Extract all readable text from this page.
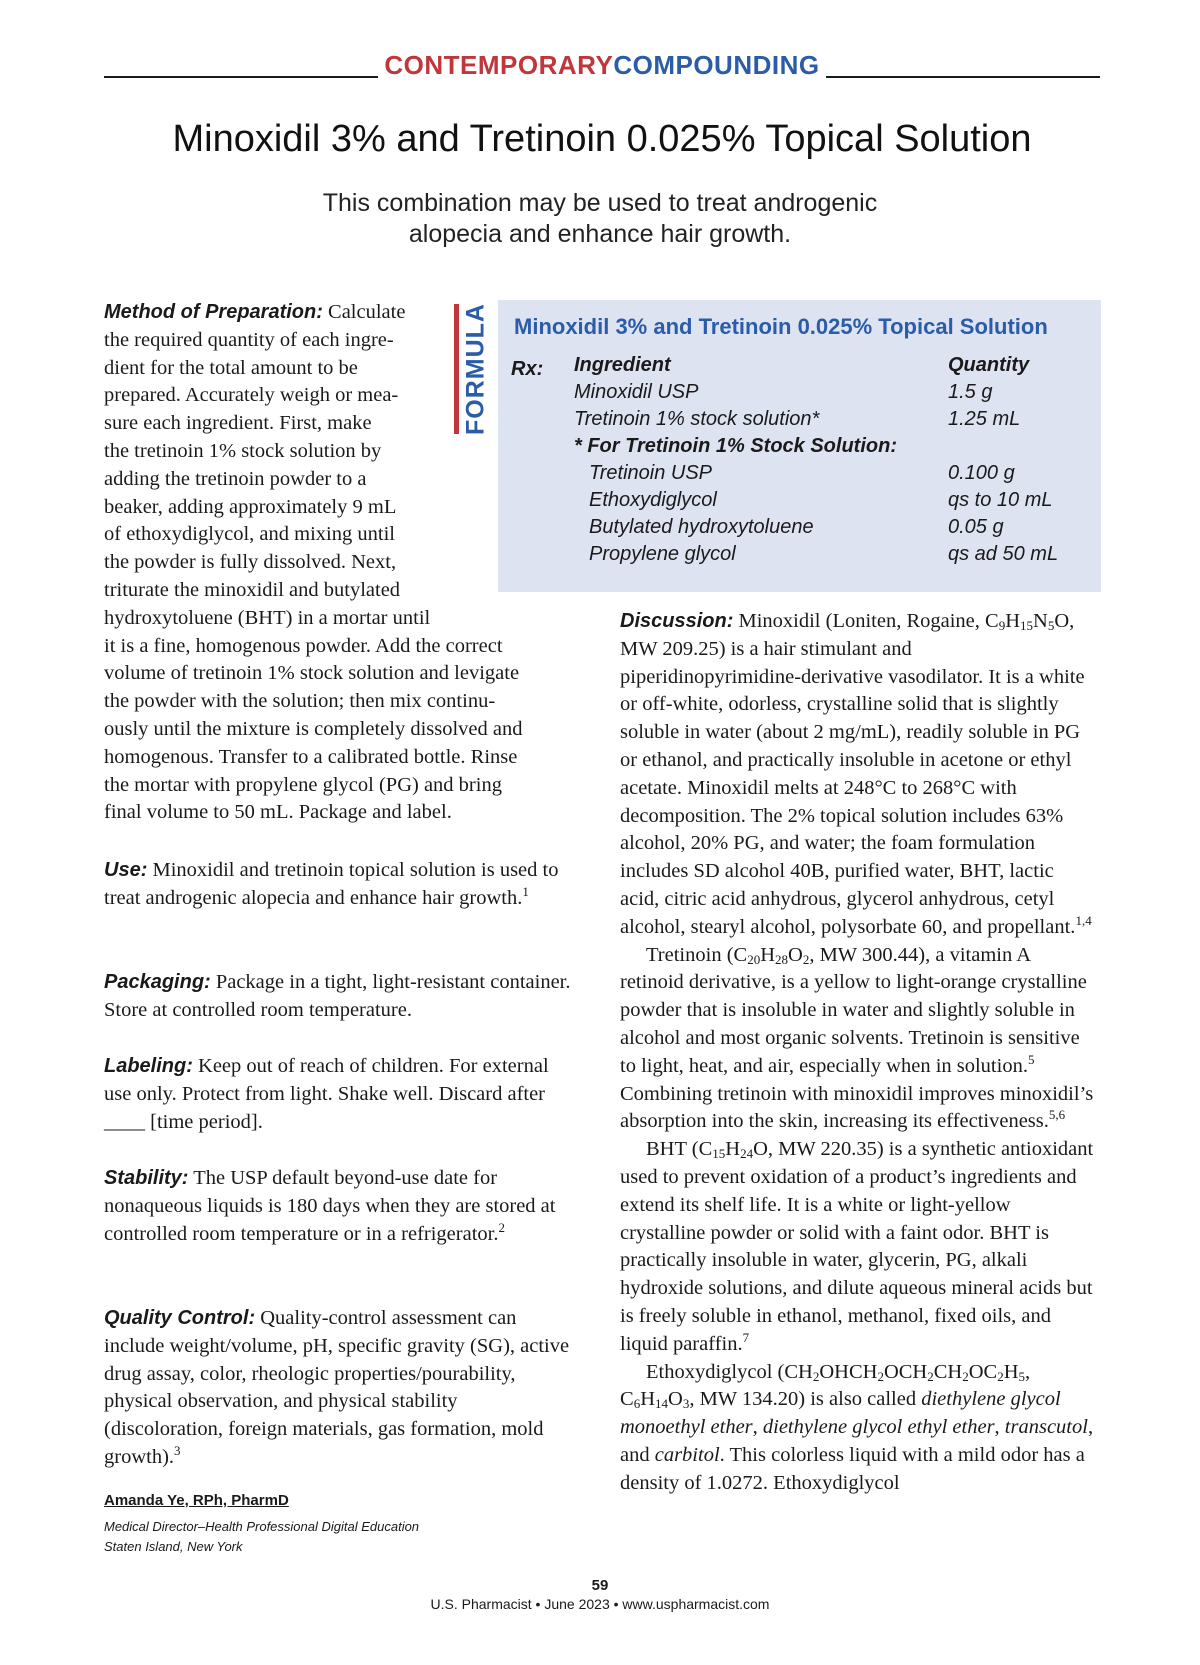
CONTEMPORARYCOMPOUNDING
Minoxidil 3% and Tretinoin 0.025% Topical Solution
This combination may be used to treat androgenic
alopecia and enhance hair growth.
FORMULA Minoxidil 3% and Tretinoin 0.025% Topical Solution
Rx: Ingredient	Quantity
Minoxidil USP	1.5 g
Tretinoin 1% stock solution*	1.25 mL
* For Tretinoin 1% Stock Solution:
Tretinoin USP	0.100 g
Ethoxydiglycol	qs to 10 mL
Butylated hydroxytoluene	0.05 g
Propylene glycol	qs ad 50 mL
Method of Preparation: Calculate
the required quantity of each ingre-
dient for the total amount to be
prepared. Accurately weigh or mea-
sure each ingredient. First, make
the tretinoin 1% stock solution by
adding the tretinoin powder to a
beaker, adding approximately 9 mL
of ethoxydiglycol, and mixing until
the powder is fully dissolved. Next,
triturate the minoxidil and butylated
hydroxytoluene (BHT) in a mortar until
it is a fine, homogenous powder. Add the correct
volume of tretinoin 1% stock solution and levigate
the powder with the solution; then mix continu-
ously until the mixture is completely dissolved and
homogenous. Transfer to a calibrated bottle. Rinse
the mortar with propylene glycol (PG) and bring
final volume to 50 mL. Package and label.

Use: Minoxidil and tretinoin topical solution is used to treat androgenic alopecia and enhance hair growth.$^1$

Packaging: Package in a tight, light-resistant container. Store at controlled room temperature.

Labeling: Keep out of reach of children. For external use only. Protect from light. Shake well. Discard after ____ [time period].

Stability: The USP default beyond-use date for nonaqueous liquids is 180 days when they are stored at controlled room temperature or in a refrigerator.$^2$

Quality Control: Quality-control assessment can include weight/volume, pH, specific gravity (SG), active drug assay, color, rheologic properties/pourability, physical observation, and physical stability (discoloration, foreign materials, gas formation, mold growth).$^3$

Amanda Ye, RPh, PharmD
Medical Director–Health Professional Digital Education
Staten Island, New York
Discussion: Minoxidil (Loniten, Rogaine, $C_9H_{15}N_5O$, MW 209.25) is a hair stimulant and piperidinopyrimidine-derivative vasodilator. It is a white or off-white, odorless, crystalline solid that is slightly soluble in water (about 2 mg/mL), readily soluble in PG or ethanol, and practically insoluble in acetone or ethyl acetate. Minoxidil melts at 248°C to 268°C with decomposition. The 2% topical solution includes 63% alcohol, 20% PG, and water; the foam formulation includes SD alcohol 40B, purified water, BHT, lactic acid, citric acid anhydrous, glycerol anhydrous, cetyl alcohol, stearyl alcohol, polysorbate 60, and propellant.$^{1,4}$
Tretinoin ($C_{20}H_{28}O_2$, MW 300.44), a vitamin A retinoid derivative, is a yellow to light-orange crystalline powder that is insoluble in water and slightly soluble in alcohol and most organic solvents. Tretinoin is sensitive to light, heat, and air, especially when in solution.$^5$ Combining tretinoin with minoxidil improves minoxidil’s absorption into the skin, increasing its effectiveness.$^{5,6}$
BHT ($C_{15}H_{24}O$, MW 220.35) is a synthetic antioxidant used to prevent oxidation of a product’s ingredients and extend its shelf life. It is a white or light-yellow crystalline powder or solid with a faint odor. BHT is practically insoluble in water, glycerin, PG, alkali hydroxide solutions, and dilute aqueous mineral acids but is freely soluble in ethanol, methanol, fixed oils, and liquid paraffin.$^7$
Ethoxydiglycol ($CH_2OHCH_2OCH_2CH_2OC_2H_5$, $C_6H_{14}O_3$, MW 134.20) is also called diethylene glycol monoethyl ether, diethylene glycol ethyl ether, transcutol, and carbitol. This colorless liquid with a mild odor has a density of 1.0272. Ethoxydiglycol
59
U.S. Pharmacist • June 2023 • www.uspharmacist.com
